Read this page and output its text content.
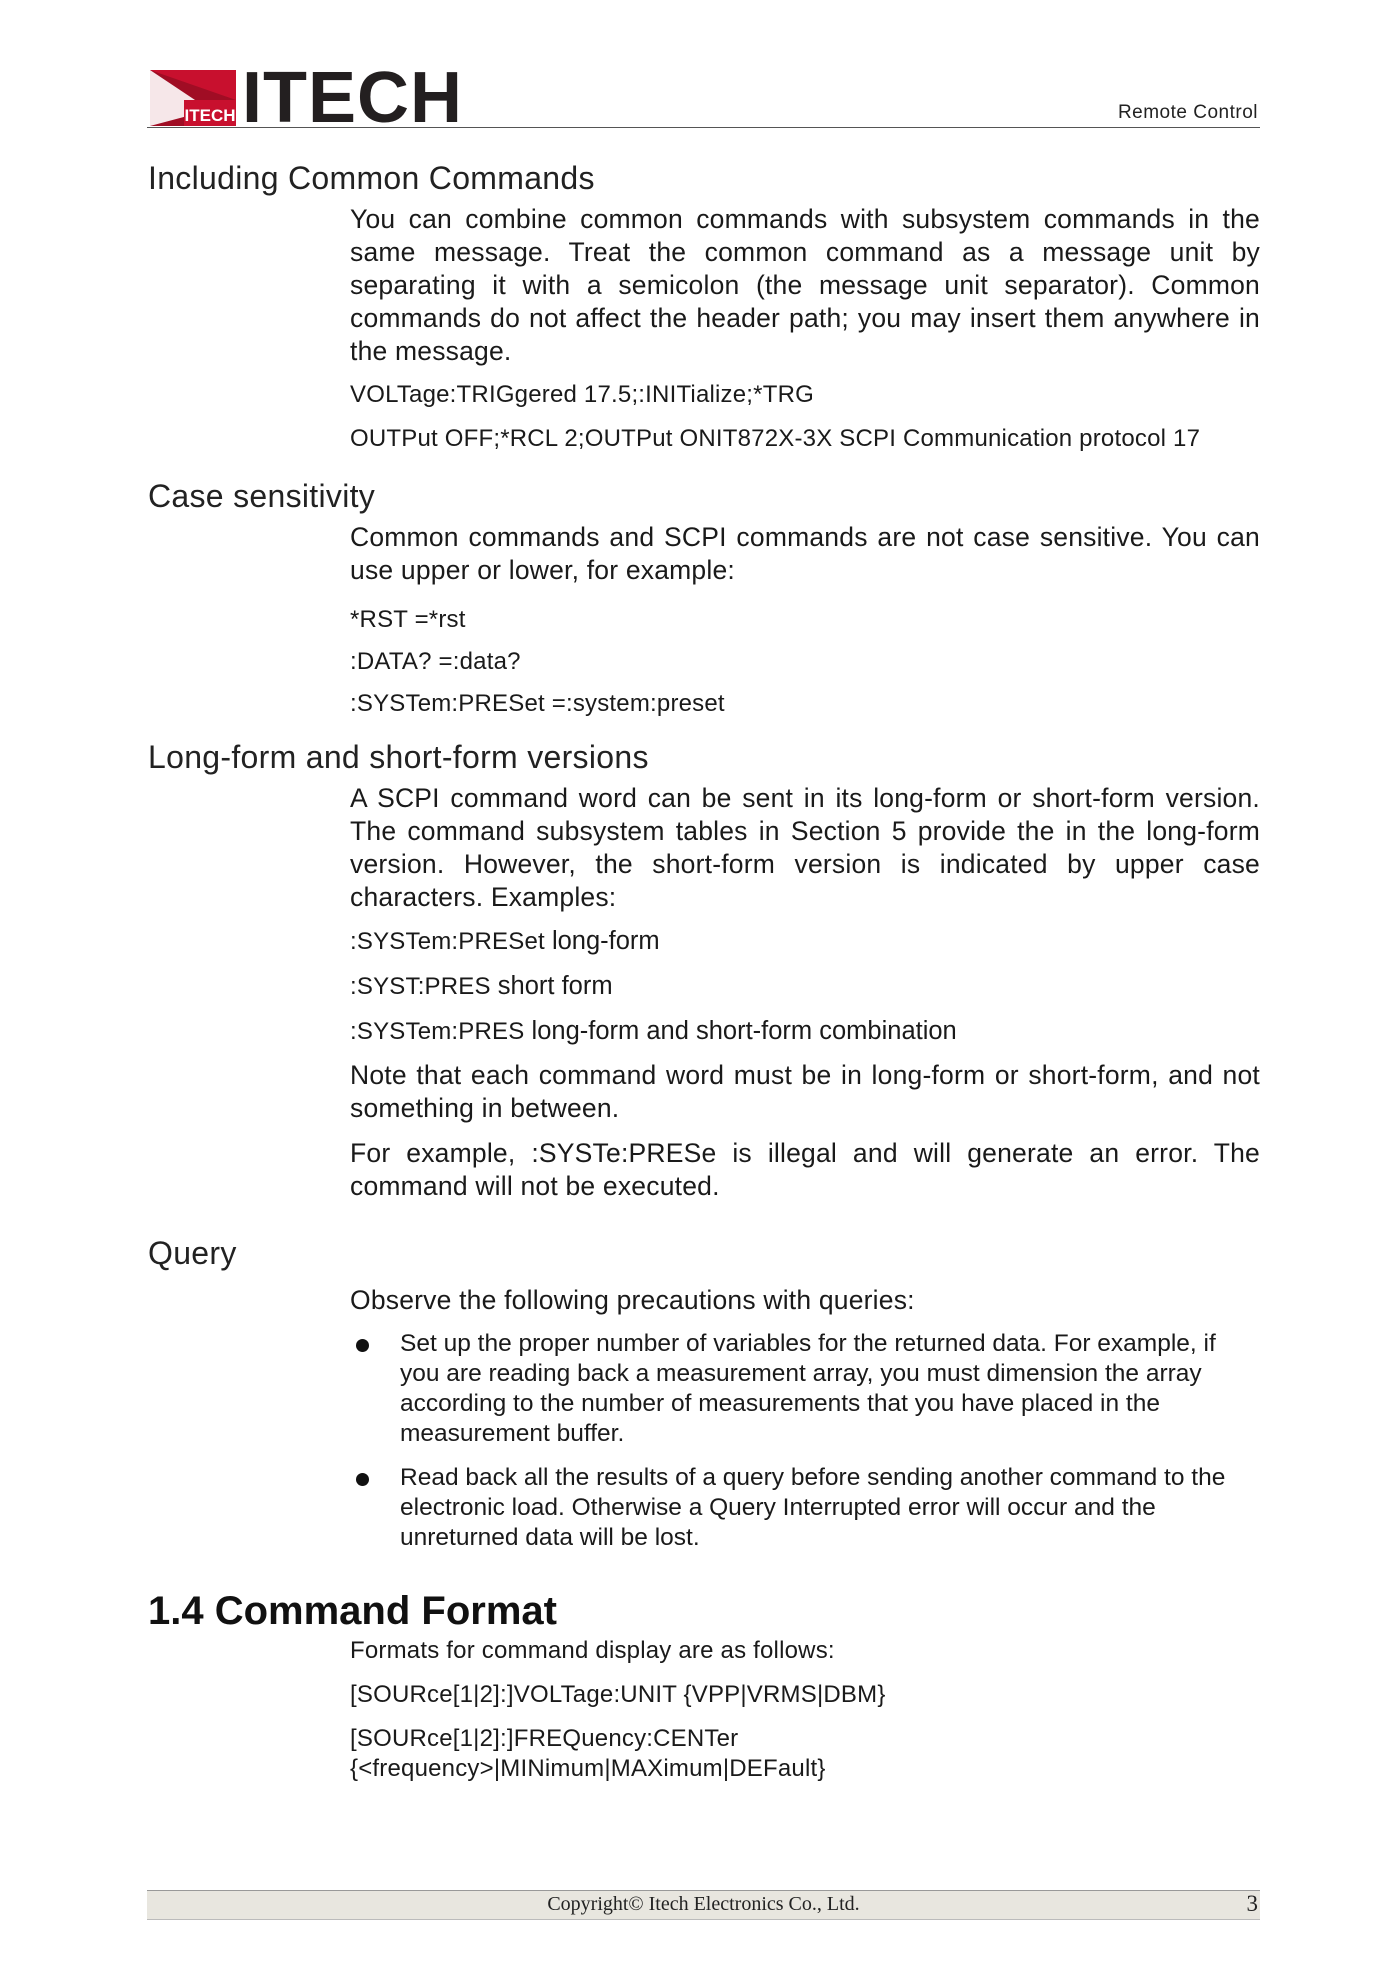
ITECH ITECH	Remote Control
Including Common Commands

You can combine common commands with subsystem commands in the same message. Treat the common command as a message unit by separating it with a semicolon (the message unit separator). Common commands do not affect the header path; you may insert them anywhere in the message.

VOLTage:TRIGgered 17.5;:INITialize;*TRG

OUTPut OFF;*RCL 2;OUTPut ONIT872X-3X SCPI Communication protocol 17

Case sensitivity

Common commands and SCPI commands are not case sensitive. You can use upper or lower, for example:

*RST =*rst

:DATA? =:data?

:SYSTem:PRESet =:system:preset

Long-form and short-form versions

A SCPI command word can be sent in its long-form or short-form version. The command subsystem tables in Section 5 provide the in the long-form version. However, the short-form version is indicated by upper case characters. Examples:

:SYSTem:PRESet long-form

:SYST:PRES short form

:SYSTem:PRES long-form and short-form combination

Note that each command word must be in long-form or short-form, and not something in between.

For example, :SYSTe:PRESe is illegal and will generate an error. The command will not be executed.

Query

Observe the following precautions with queries:

Set up the proper number of variables for the returned data. For example, if you are reading back a measurement array, you must dimension the array according to the number of measurements that you have placed in the measurement buffer.
Read back all the results of a query before sending another command to the electronic load. Otherwise a Query Interrupted error will occur and the unreturned data will be lost.
1.4 Command Format

Formats for command display are as follows:

[SOURce[1|2]:]VOLTage:UNIT {VPP|VRMS|DBM}

[SOURce[1|2]:]FREQuency:CENTer

{<frequency>|MINimum|MAXimum|DEFault}

Copyright© Itech Electronics Co., Ltd.	3
